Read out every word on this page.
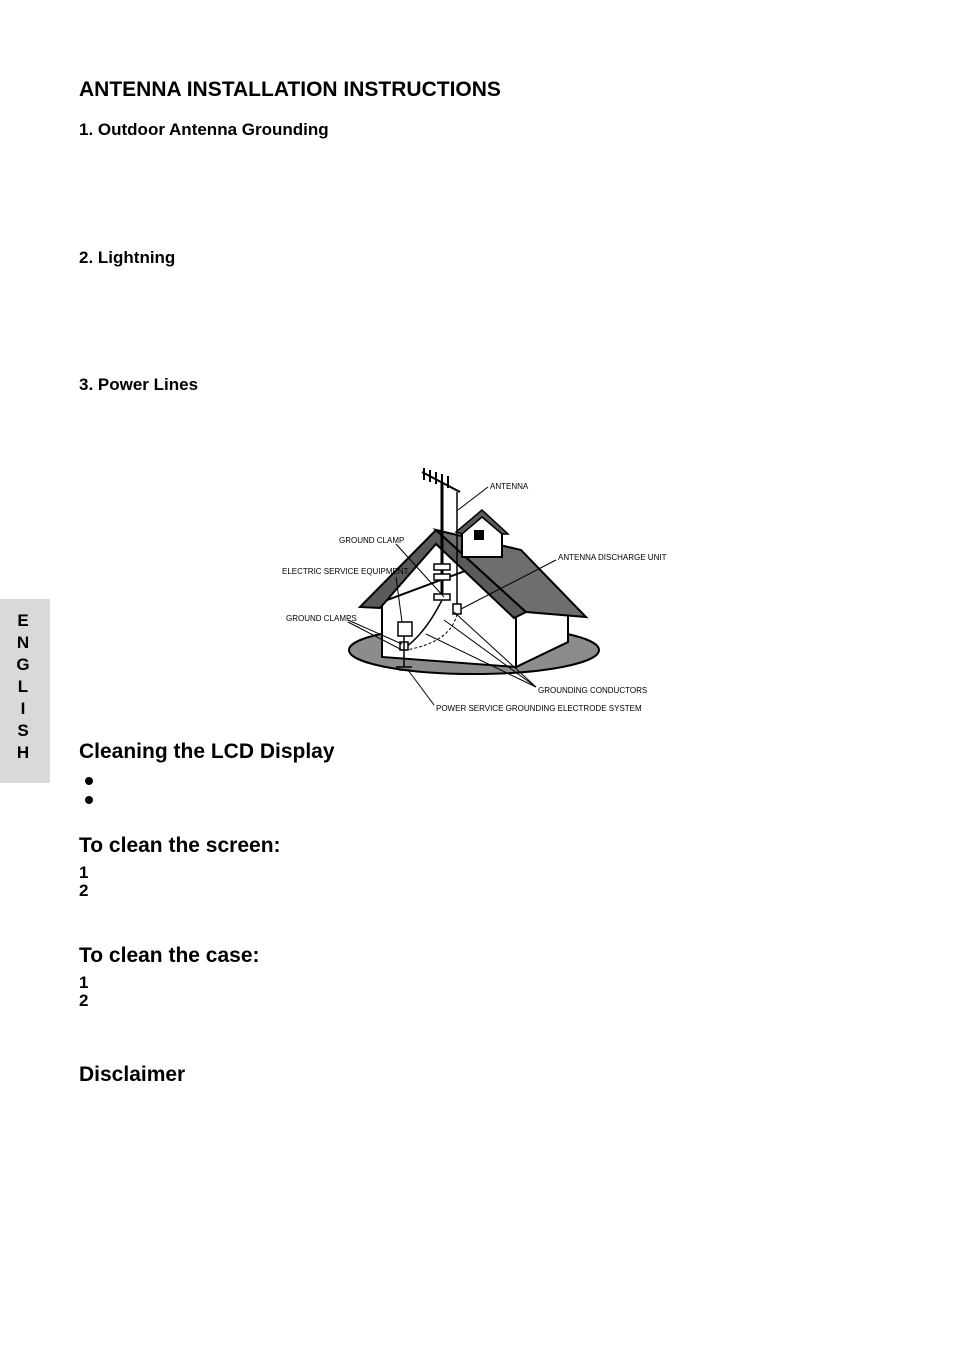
ANTENNA INSTALLATION INSTRUCTIONS
1. Outdoor Antenna Grounding
2. Lightning
3. Power Lines
ANTENNA
GROUND CLAMP
ELECTRIC SERVICE EQUIPMENT
ANTENNA DISCHARGE UNIT
GROUND CLAMPS
GROUNDING CONDUCTORS
POWER SERVICE GROUNDING ELECTRODE SYSTEM
Cleaning the LCD Display
To clean the screen:
1
2
To clean the case:
1
2
Disclaimer
E
N
G
L
I
S
H
